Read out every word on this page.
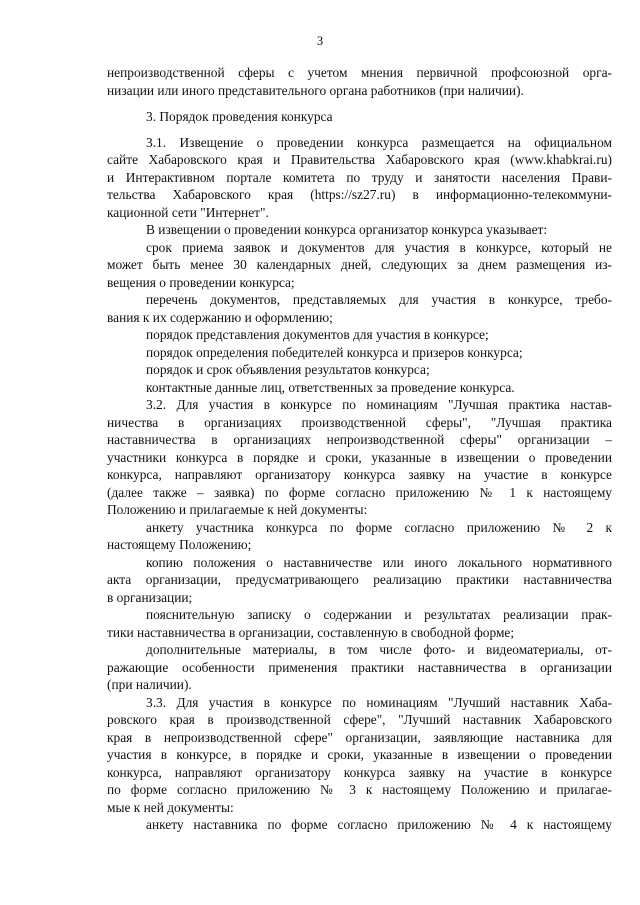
3
непроизводственной сферы с учетом мнения первичной профсоюзной орга-
низации или иного представительного органа работников (при наличии).
3. Порядок проведения конкурса
3.1. Извещение о проведении конкурса размещается на официальном
сайте Хабаровского края и Правительства Хабаровского края (www.khabkrai.ru)
и Интерактивном портале комитета по труду и занятости населения Прави-
тельства Хабаровского края (https://sz27.ru) в информационно-телекоммуни-
кационной сети "Интернет".
В извещении о проведении конкурса организатор конкурса указывает:
срок приема заявок и документов для участия в конкурсе, который не
может быть менее 30 календарных дней, следующих за днем размещения из-
вещения о проведении конкурса;
перечень документов, представляемых для участия в конкурсе, требо-
вания к их содержанию и оформлению;
порядок представления документов для участия в конкурсе;
порядок определения победителей конкурса и призеров конкурса;
порядок и срок объявления результатов конкурса;
контактные данные лиц, ответственных за проведение конкурса.
3.2. Для участия в конкурсе по номинациям "Лучшая практика настав-
ничества в организациях производственной сферы", "Лучшая практика
наставничества в организациях непроизводственной сферы" организации –
участники конкурса в порядке и сроки, указанные в извещении о проведении
конкурса, направляют организатору конкурса заявку на участие в конкурсе
(далее также – заявка) по форме согласно приложению № 1 к настоящему
Положению и прилагаемые к ней документы:
анкету участника конкурса по форме согласно приложению № 2 к
настоящему Положению;
копию положения о наставничестве или иного локального нормативного
акта организации, предусматривающего реализацию практики наставничества
в организации;
пояснительную записку о содержании и результатах реализации прак-
тики наставничества в организации, составленную в свободной форме;
дополнительные материалы, в том числе фото- и видеоматериалы, от-
ражающие особенности применения практики наставничества в организации
(при наличии).
3.3. Для участия в конкурсе по номинациям "Лучший наставник Хаба-
ровского края в производственной сфере", "Лучший наставник Хабаровского
края в непроизводственной сфере" организации, заявляющие наставника для
участия в конкурсе, в порядке и сроки, указанные в извещении о проведении
конкурса, направляют организатору конкурса заявку на участие в конкурсе
по форме согласно приложению № 3 к настоящему Положению и прилагае-
мые к ней документы:
анкету наставника по форме согласно приложению № 4 к настоящему
